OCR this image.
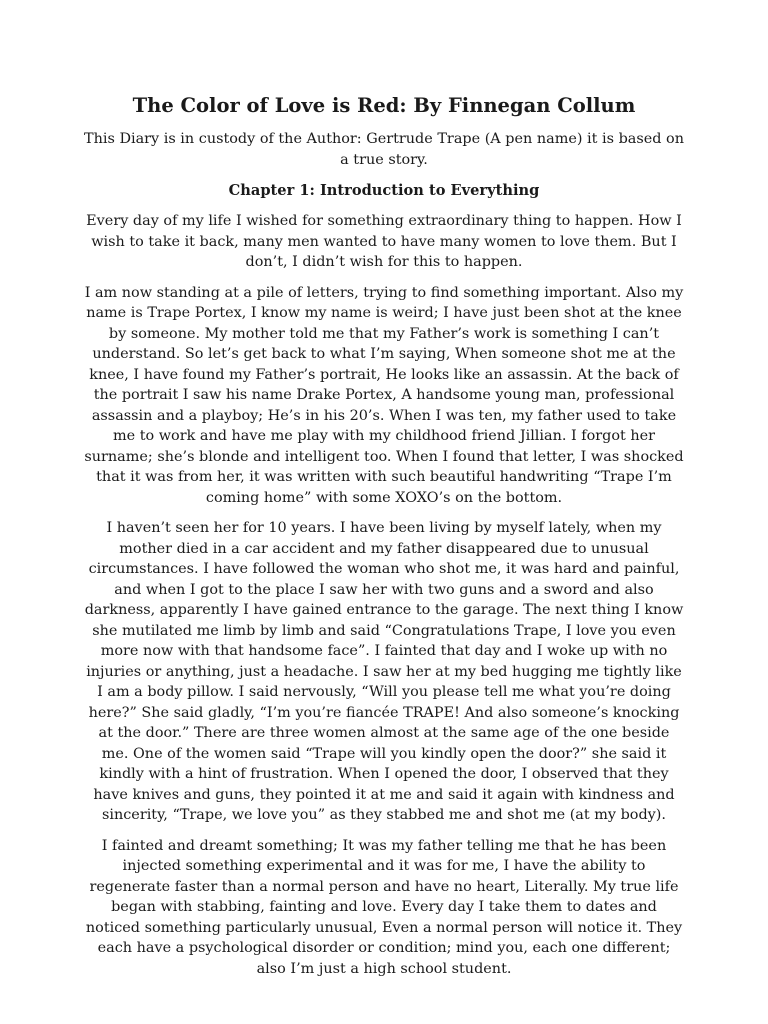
The Color of Love is Red: By Finnegan Collum

This Diary is in custody of the Author: Gertrude Trape (A pen name) it is based on a true story.

Chapter 1: Introduction to Everything

Every day of my life I wished for something extraordinary thing to happen. How I wish to take it back, many men wanted to have many women to love them. But I don’t, I didn’t wish for this to happen.

I am now standing at a pile of letters, trying to find something important. Also my name is Trape Portex, I know my name is weird; I have just been shot at the knee by someone. My mother told me that my Father’s work is something I can’t understand. So let’s get back to what I’m saying, When someone shot me at the knee, I have found my Father’s portrait, He looks like an assassin. At the back of the portrait I saw his name Drake Portex, A handsome young man, professional assassin and a playboy; He’s in his 20’s. When I was ten, my father used to take me to work and have me play with my childhood friend Jillian. I forgot her surname; she’s blonde and intelligent too. When I found that letter, I was shocked that it was from her, it was written with such beautiful handwriting “Trape I’m coming home” with some XOXO’s on the bottom.

I haven’t seen her for 10 years. I have been living by myself lately, when my mother died in a car accident and my father disappeared due to unusual circumstances. I have followed the woman who shot me, it was hard and painful, and when I got to the place I saw her with two guns and a sword and also darkness, apparently I have gained entrance to the garage. The next thing I know she mutilated me limb by limb and said “Congratulations Trape, I love you even more now with that handsome face”. I fainted that day and I woke up with no injuries or anything, just a headache. I saw her at my bed hugging me tightly like I am a body pillow. I said nervously, “Will you please tell me what you’re doing here?” She said gladly, “I’m you’re fiancée TRAPE! And also someone’s knocking at the door.” There are three women almost at the same age of the one beside me. One of the women said “Trape will you kindly open the door?” she said it kindly with a hint of frustration. When I opened the door, I observed that they have knives and guns, they pointed it at me and said it again with kindness and sincerity, “Trape, we love you” as they stabbed me and shot me (at my body).

I fainted and dreamt something; It was my father telling me that he has been injected something experimental and it was for me, I have the ability to regenerate faster than a normal person and have no heart, Literally. My true life began with stabbing, fainting and love. Every day I take them to dates and noticed something particularly unusual, Even a normal person will notice it. They each have a psychological disorder or condition; mind you, each one different; also I’m just a high school student.
